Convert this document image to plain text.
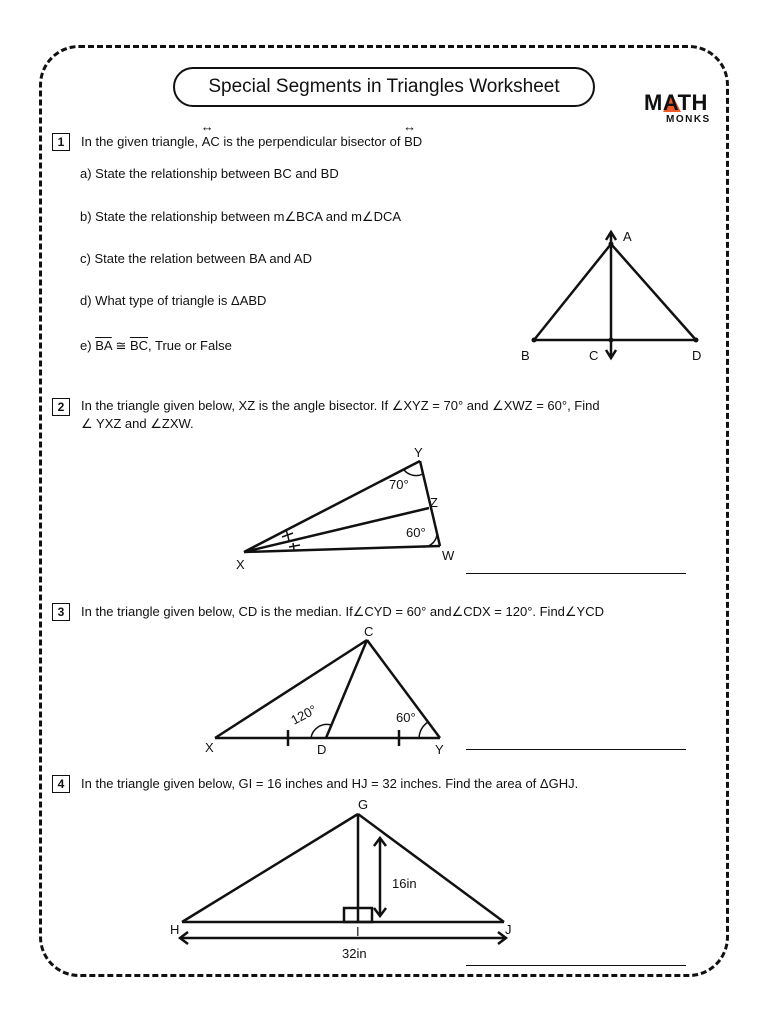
Special Segments in Triangles Worksheet
MATH
MONKS
1	In the given triangle,
↔
AC is the perpendicular bisector of
↔
BD
a) State the relationship between BC and BD
b) State the relationship between m∠BCA and m∠DCA
c) State the relation between BA and AD
d) What type of triangle is ΔABD
e) $\overline{BA}$ ≅ $\overline{BC}$, True or False
A
B	C	D
2	In the triangle given below, XZ is the angle bisector. If ∠XYZ = 70° and ∠XWZ = 60°, Find
∠ YXZ and ∠ZXW.
70°
60°
X
Y
Z
W
3	In the triangle given below, CD is the median. If∠CYD = 60° and∠CDX = 120°. Find∠YCD
120°	60°
C
X	D	Y
4	In the triangle given below, GI = 16 inches and HJ = 32 inches. Find the area of ΔGHJ.
G
H	I	J
16in
32in
